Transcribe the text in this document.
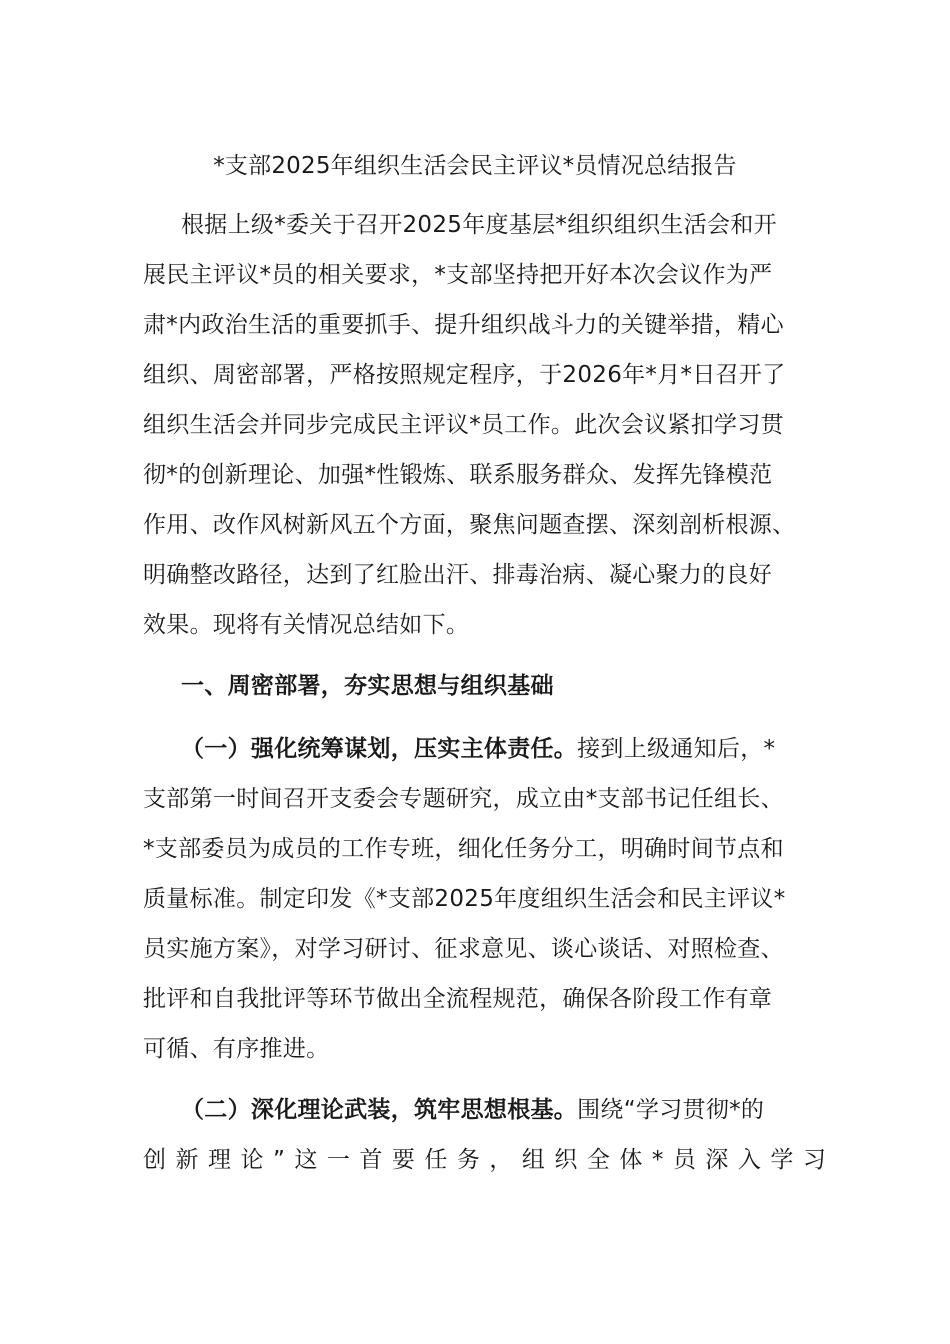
*支部2025年组织生活会民主评议*员情况总结报告
根据上级*委关于召开2025年度基层*组织组织生活会和开
展民主评议*员的相关要求，*支部坚持把开好本次会议作为严
肃*内政治生活的重要抓手、提升组织战斗力的关键举措，精心
组织、周密部署，严格按照规定程序，于2026年*月*日召开了
组织生活会并同步完成民主评议*员工作。此次会议紧扣学习贯
彻*的创新理论、加强*性锻炼、联系服务群众、发挥先锋模范
作用、改作风树新风五个方面，聚焦问题查摆、深刻剖析根源、
明确整改路径，达到了红脸出汗、排毒治病、凝心聚力的良好
效果。现将有关情况总结如下。
一、周密部署，夯实思想与组织基础
（一）强化统筹谋划，压实主体责任。接到上级通知后，*
支部第一时间召开支委会专题研究，成立由*支部书记任组长、
*支部委员为成员的工作专班，细化任务分工，明确时间节点和
质量标准。制定印发《*支部2025年度组织生活会和民主评议*
员实施方案》，对学习研讨、征求意见、谈心谈话、对照检查、
批评和自我批评等环节做出全流程规范，确保各阶段工作有章
可循、有序推进。
（二）深化理论武装，筑牢思想根基。围绕“学习贯彻*的
创新理论”这一首要任务，组织全体*员深入学习
